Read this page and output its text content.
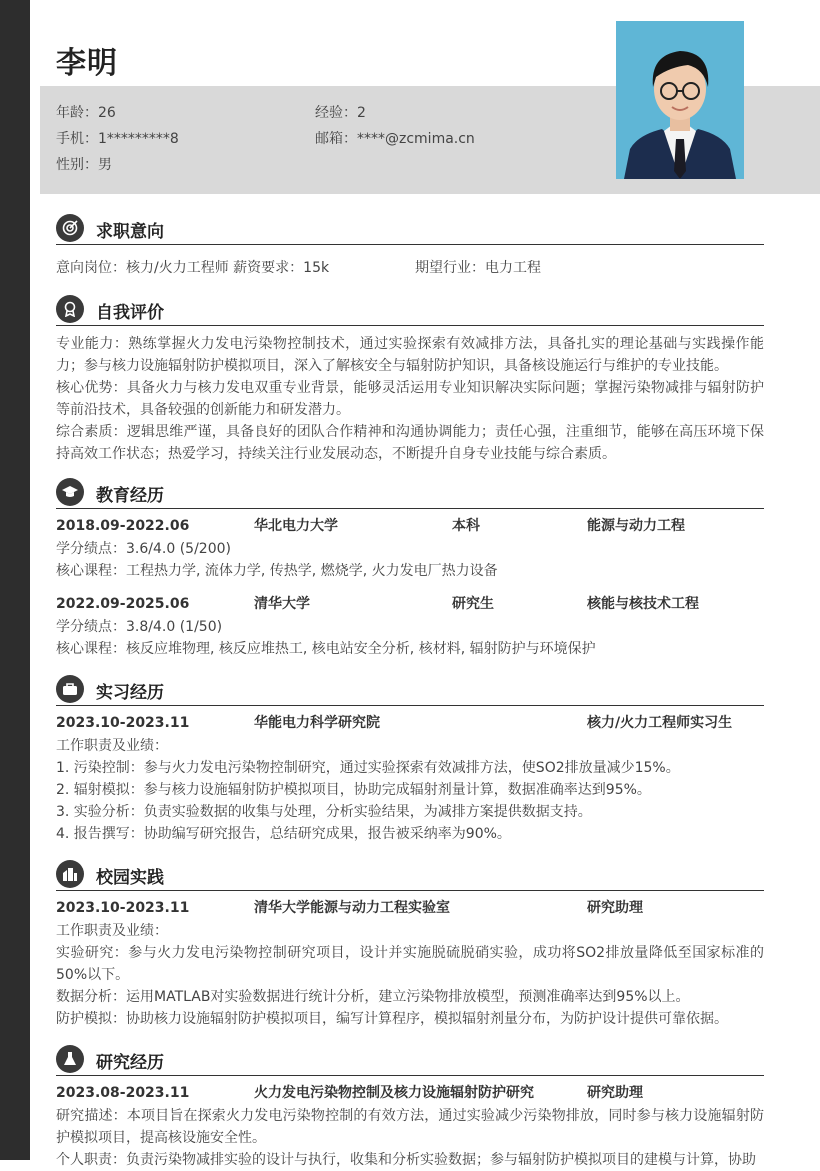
李明
年龄：26	经验：2
手机：1*********8	邮箱：****@zcmima.cn
性别：男
求职意向
意向岗位：核力/火力工程师 薪资要求：15k	期望行业：电力工程
自我评价
专业能力：熟练掌握火力发电污染物控制技术，通过实验探索有效减排方法，具备扎实的理论基础与实践操作能力；参与核力设施辐射防护模拟项目，深入了解核安全与辐射防护知识，具备核设施运行与维护的专业技能。
核心优势：具备火力与核力发电双重专业背景，能够灵活运用专业知识解决实际问题；掌握污染物减排与辐射防护等前沿技术，具备较强的创新能力和研发潜力。
综合素质：逻辑思维严谨，具备良好的团队合作精神和沟通协调能力；责任心强，注重细节，能够在高压环境下保持高效工作状态；热爱学习，持续关注行业发展动态，不断提升自身专业技能与综合素质。
教育经历
2018.09-2022.06	华北电力大学	本科	能源与动力工程
学分绩点：3.6/4.0 (5/200)
核心课程：工程热力学, 流体力学, 传热学, 燃烧学, 火力发电厂热力设备
2022.09-2025.06	清华大学	研究生	核能与核技术工程
学分绩点：3.8/4.0 (1/50)
核心课程：核反应堆物理, 核反应堆热工, 核电站安全分析, 核材料, 辐射防护与环境保护
实习经历
2023.10-2023.11	华能电力科学研究院	核力/火力工程师实习生
工作职责及业绩：
1. 污染控制：参与火力发电污染物控制研究，通过实验探索有效减排方法，使SO2排放量减少15%。
2. 辐射模拟：参与核力设施辐射防护模拟项目，协助完成辐射剂量计算，数据准确率达到95%。
3. 实验分析：负责实验数据的收集与处理，分析实验结果，为减排方案提供数据支持。
4. 报告撰写：协助编写研究报告，总结研究成果，报告被采纳率为90%。
校园实践
2023.10-2023.11	清华大学能源与动力工程实验室	研究助理
工作职责及业绩：
实验研究：参与火力发电污染物控制研究项目，设计并实施脱硫脱硝实验，成功将SO2排放量降低至国家标准的50%以下。
数据分析：运用MATLAB对实验数据进行统计分析，建立污染物排放模型，预测准确率达到95%以上。
防护模拟：协助核力设施辐射防护模拟项目，编写计算程序，模拟辐射剂量分布，为防护设计提供可靠依据。
研究经历
2023.08-2023.11	火力发电污染物控制及核力设施辐射防护研究	研究助理
研究描述：本项目旨在探索火力发电污染物控制的有效方法，通过实验减少污染物排放，同时参与核力设施辐射防护模拟项目，提高核设施安全性。
个人职责：负责污染物减排实验的设计与执行，收集和分析实验数据；参与辐射防护模拟项目的建模与计算，协助
